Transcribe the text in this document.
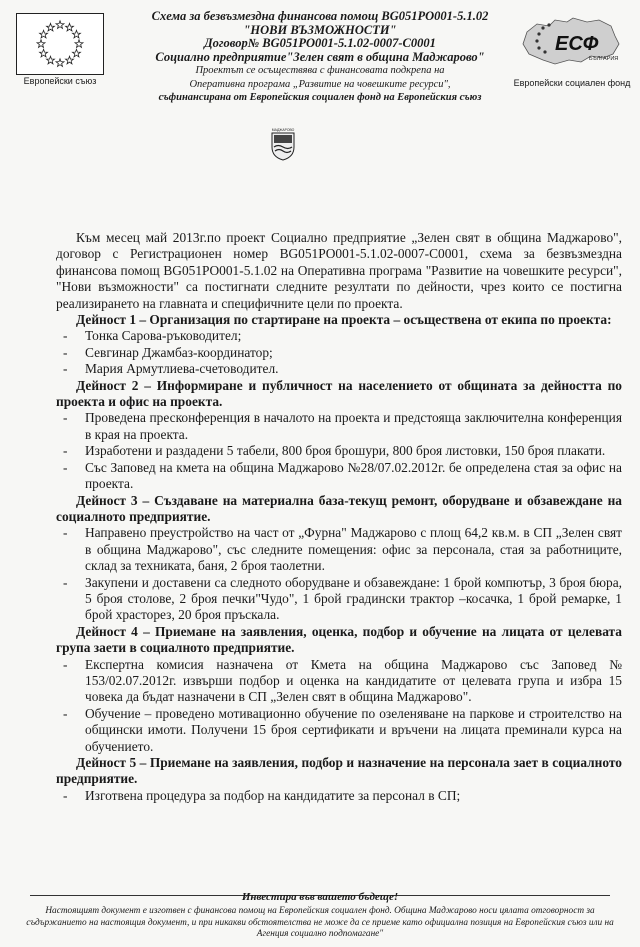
Европейски съюз
Схема за безвъзмездна финансова помощ BG051PO001-5.1.02
"НОВИ ВЪЗМОЖНОСТИ"
Договор№ BG051PO001-5.1.02-0007-C0001
Социално предприятие"Зелен свят в община Маджарово"
Проектът се осъществява с финансовата подкрепа на
Оперативна програма „Развитие на човешките ресурси",
съфинансирана от Европейския социален фонд на Европейския съюз
ЕСФ
БЪЛГАРИЯ
Европейски социален фонд
МАДЖАРОВО

Към месец май 2013г.по проект Социално предприятие „Зелен свят в община Маджарово", договор с Регистрационен номер BG051PO001-5.1.02-0007-C0001, схема за безвъзмездна финансова помощ BG051PO001-5.1.02 на Оперативна програма "Развитие на човешките ресурси", "Нови възможности" са постигнати следните резултати по дейности, чрез които се постигна реализирането на главната и специфичните цели по проекта.

Дейност 1 – Организация по стартиране на проекта – осъществена от екипа по проекта:

- Тонка Сарова-ръководител;
- Севгинар Джамбаз-координатор;
- Мария Армутлиева-счетоводител.

Дейност 2 – Информиране и публичност на населението от общината за дейността по проекта и офис на проекта.

- Проведена пресконференция в началото на проекта и предстояща заключителна конференция в края на проекта.
- Изработени и раздадени 5 табели, 800 броя брошури, 800 броя листовки, 150 броя плакати.
- Със Заповед на кмета на община Маджарово №28/07.02.2012г. бе определена стая за офис на проекта.

Дейност 3 – Създаване на материална база-текущ ремонт, оборудване и обзавеждане на социалното предприятие.

- Направено преустройство на част от „Фурна" Маджарово с площ 64,2 кв.м. в СП „Зелен свят в община Маджарово", със следните помещения: офис за персонала, стая за работниците, склад за техниката, баня, 2 броя таолетни.
- Закупени и доставени са следното оборудване и обзавеждане: 1 брой компютър, 3 броя бюра, 5 броя столове, 2 броя печки"Чудо", 1 брой градински трактор –косачка, 1 брой ремарке, 1 брой храсторез, 20 броя пръскала.

Дейност 4 – Приемане на заявления, оценка, подбор и обучение на лицата от целевата група заети в социалното предприятие.

- Експертна комисия назначена от Кмета на община Маджарово със Заповед № 153/02.07.2012г. извърши подбор и оценка на кандидатите от целевата група и избра 15 човека да бъдат назначени в СП „Зелен свят в община Маджарово".
- Обучение – проведено мотивационно обучение по озеленяване на паркове и строителство на общински имоти. Получени 15 броя сертификати и връчени на лицата преминали курса на обучението.

Дейност 5 – Приемане на заявления, подбор и назначение на персонала зает в социалното предприятие.

- Изготвена процедура за подбор на кандидатите за персонал в СП;
Инвестира във вашето бъдеще!
Настоящият документ е изготвен с финансова помощ на Европейския социален фонд. Община Маджарово носи цялата отговорност за съдържанието на настоящия документ, и при никакви обстоятелства не може да се приеме като официална позиция на Европейския съюз или на Агенция социално подпомагане"
